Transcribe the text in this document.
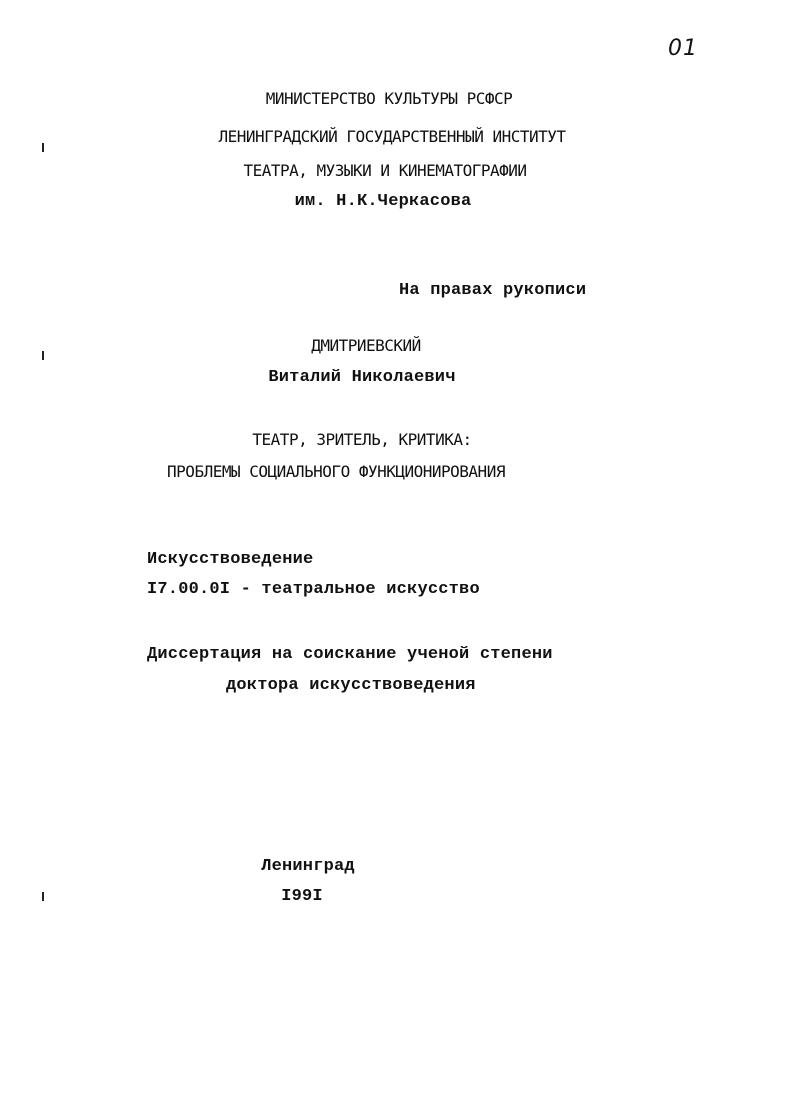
01
МИНИСТЕРСТВО КУЛЬТУРЫ РСФСР
ЛЕНИНГРАДСКИЙ ГОСУДАРСТВЕННЫЙ ИНСТИТУТ
ТЕАТРА, МУЗЫКИ И КИНЕМАТОГРАФИИ
им. Н.К.Черкасова
На правах рукописи
ДМИТРИЕВСКИЙ
Виталий Николаевич
ТЕАТР, ЗРИТЕЛЬ, КРИТИКА:
ПРОБЛЕМЫ СОЦИАЛЬНОГО ФУНКЦИОНИРОВАНИЯ
Искусствоведение
I7.00.0I - театральное искусство
Диссертация на соискание ученой степени
доктора искусствоведения
Ленинград
I99I
